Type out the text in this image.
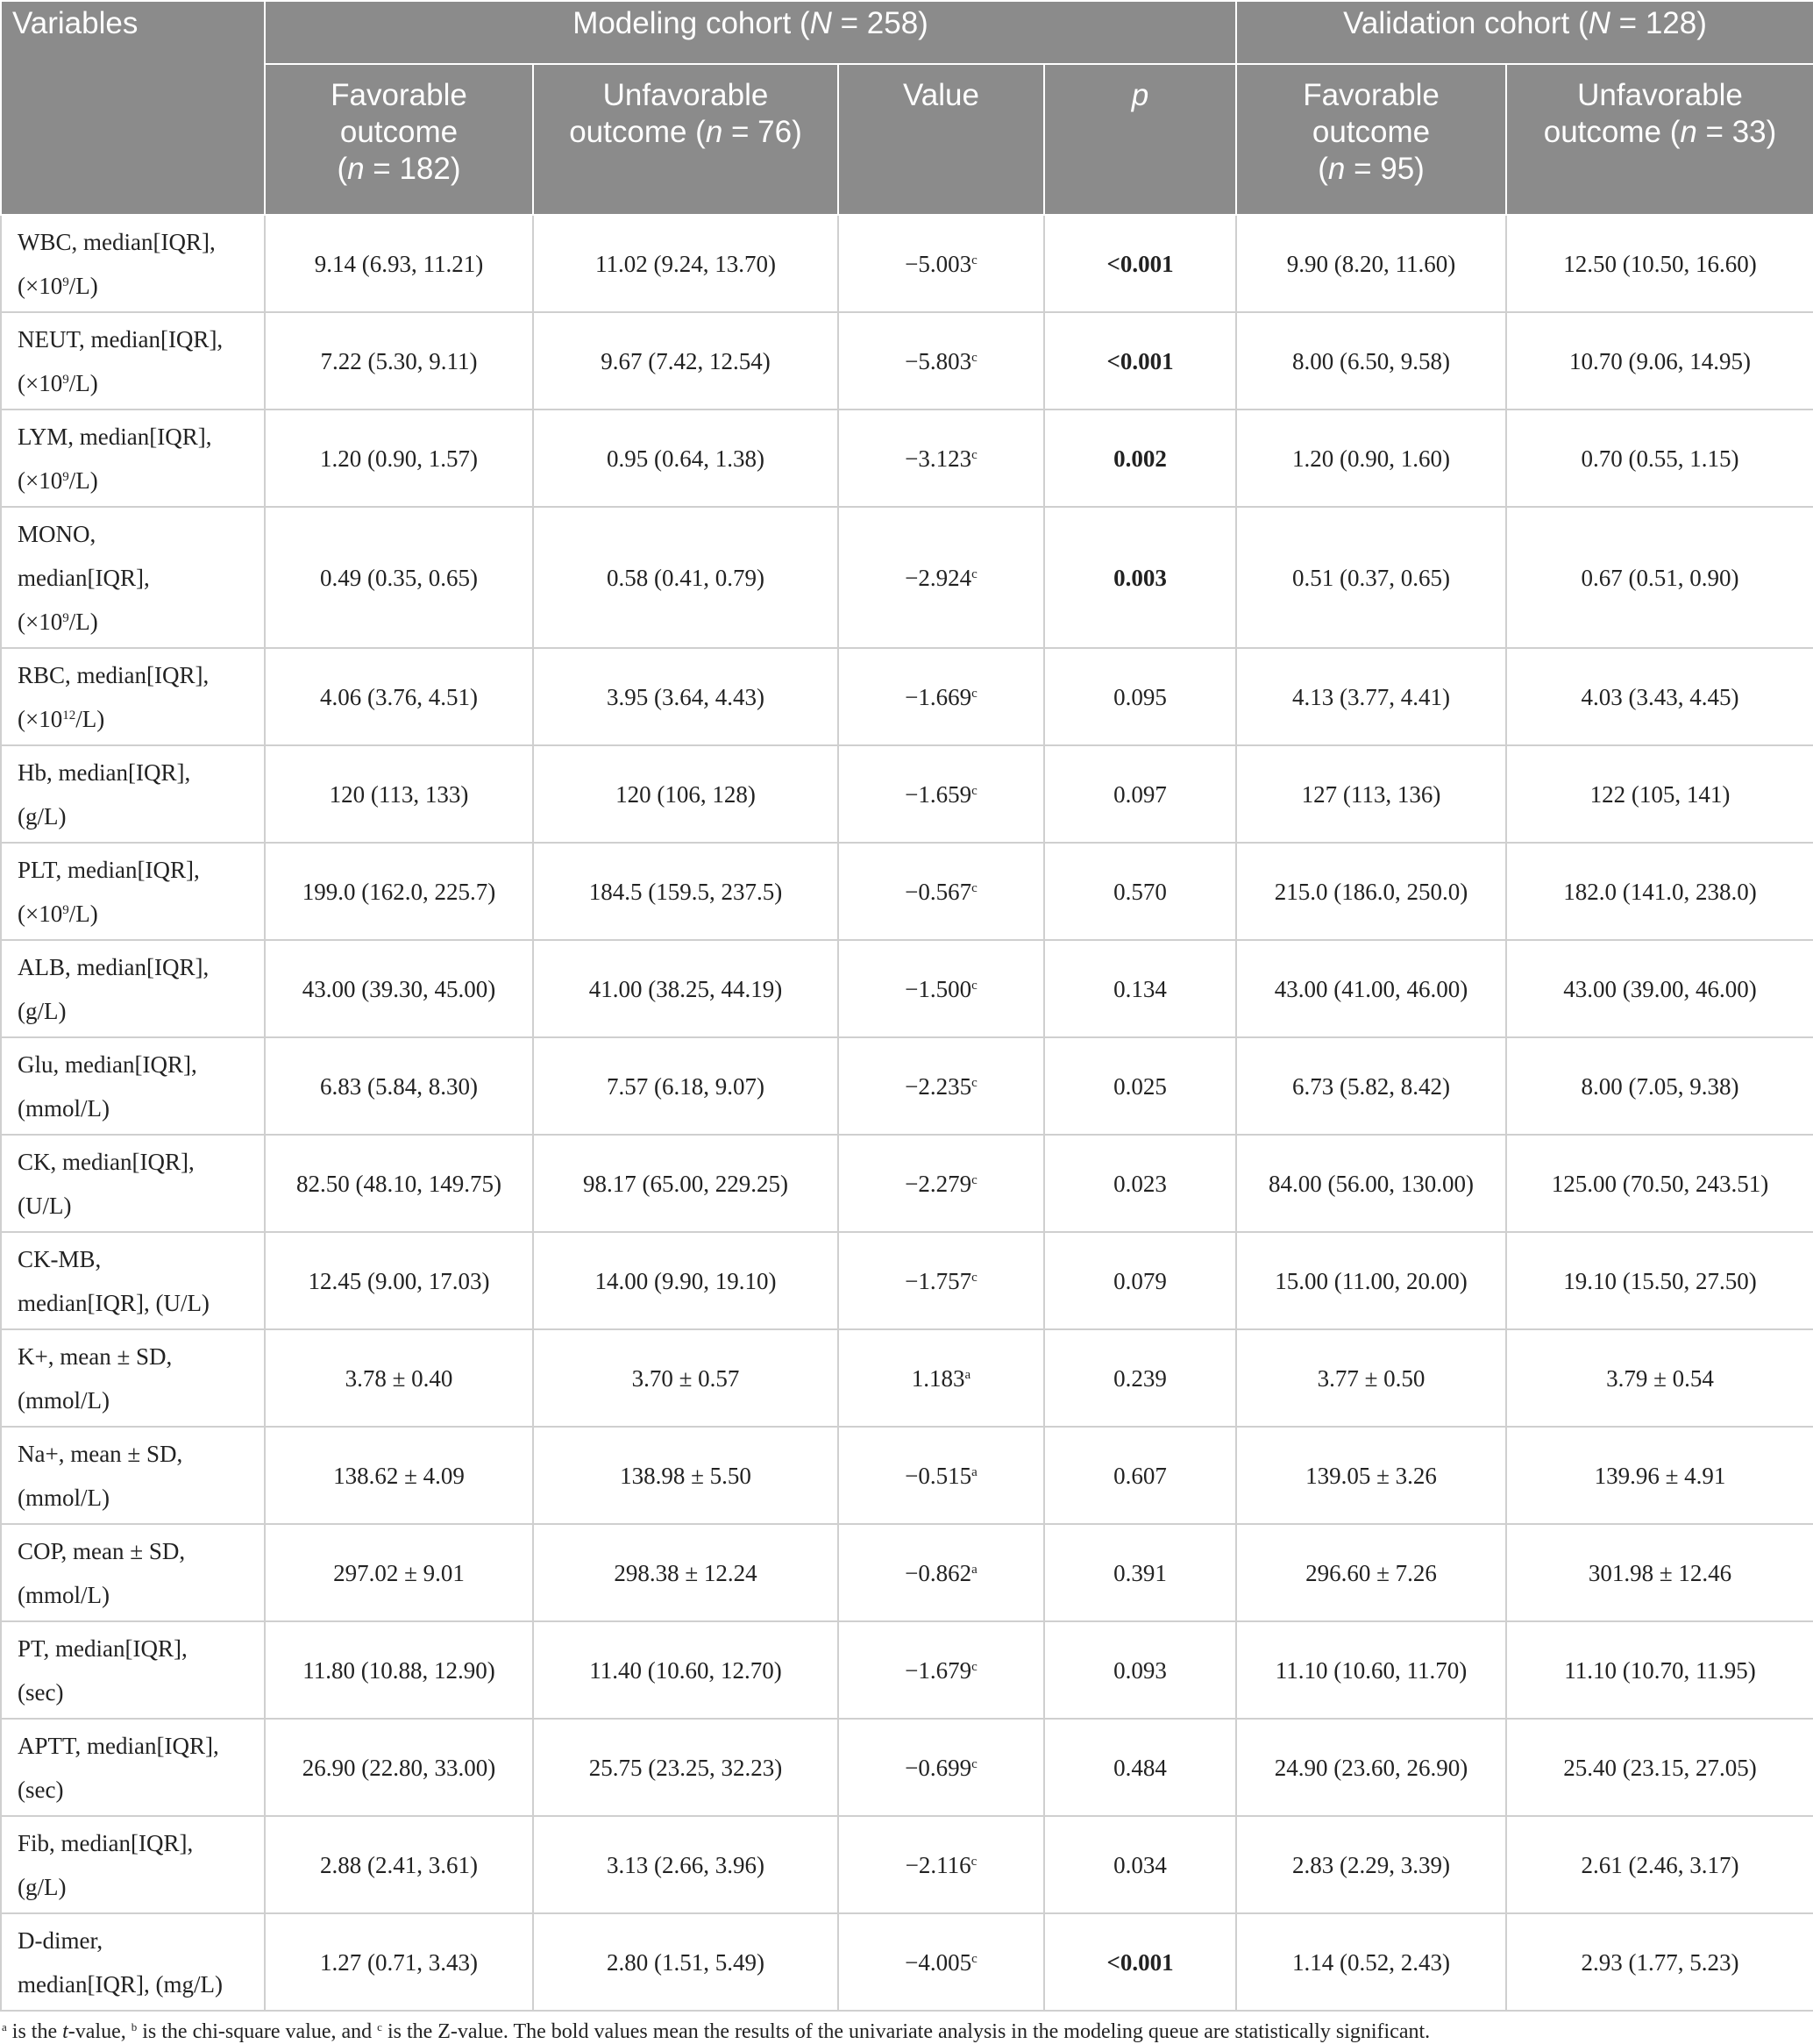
Variables	Modeling cohort (N = 258)				Validation cohort (N = 128)	
	Favorable
outcome
(n = 182)	Unfavorable
outcome (n = 76)	Value	p	Favorable
outcome
(n = 95)	Unfavorable
outcome (n = 33)
WBC, median[IQR],
$(\times 10^9/L)$	9.14 (6.93, 11.21)	11.02 (9.24, 13.70)	−5.003$^c$	<0.001	9.90 (8.20, 11.60)	12.50 (10.50, 16.60)
NEUT, median[IQR],
$(\times 10^9/L)$	7.22 (5.30, 9.11)	9.67 (7.42, 12.54)	−5.803$^c$	<0.001	8.00 (6.50, 9.58)	10.70 (9.06, 14.95)
LYM, median[IQR],
$(\times 10^9/L)$	1.20 (0.90, 1.57)	0.95 (0.64, 1.38)	−3.123$^c$	0.002	1.20 (0.90, 1.60)	0.70 (0.55, 1.15)
MONO,
median[IQR],
$(\times 10^9/L)$	0.49 (0.35, 0.65)	0.58 (0.41, 0.79)	−2.924$^c$	0.003	0.51 (0.37, 0.65)	0.67 (0.51, 0.90)
RBC, median[IQR],
$(\times 10^{12}/L)$	4.06 (3.76, 4.51)	3.95 (3.64, 4.43)	−1.669$^c$	0.095	4.13 (3.77, 4.41)	4.03 (3.43, 4.45)
Hb, median[IQR],
(g/L)	120 (113, 133)	120 (106, 128)	−1.659$^c$	0.097	127 (113, 136)	122 (105, 141)
PLT, median[IQR],
$(\times 10^9/L)$	199.0 (162.0, 225.7)	184.5 (159.5, 237.5)	−0.567$^c$	0.570	215.0 (186.0, 250.0)	182.0 (141.0, 238.0)
ALB, median[IQR],
(g/L)	43.00 (39.30, 45.00)	41.00 (38.25, 44.19)	−1.500$^c$	0.134	43.00 (41.00, 46.00)	43.00 (39.00, 46.00)
Glu, median[IQR],
(mmol/L)	6.83 (5.84, 8.30)	7.57 (6.18, 9.07)	−2.235$^c$	0.025	6.73 (5.82, 8.42)	8.00 (7.05, 9.38)
CK, median[IQR],
(U/L)	82.50 (48.10, 149.75)	98.17 (65.00, 229.25)	−2.279$^c$	0.023	84.00 (56.00, 130.00)	125.00 (70.50, 243.51)
CK-MB,
median[IQR], (U/L)	12.45 (9.00, 17.03)	14.00 (9.90, 19.10)	−1.757$^c$	0.079	15.00 (11.00, 20.00)	19.10 (15.50, 27.50)
K+, mean ± SD,
(mmol/L)	3.78 ± 0.40	3.70 ± 0.57	1.183$^a$	0.239	3.77 ± 0.50	3.79 ± 0.54
Na+, mean ± SD,
(mmol/L)	138.62 ± 4.09	138.98 ± 5.50	−0.515$^a$	0.607	139.05 ± 3.26	139.96 ± 4.91
COP, mean ± SD,
(mmol/L)	297.02 ± 9.01	298.38 ± 12.24	−0.862$^a$	0.391	296.60 ± 7.26	301.98 ± 12.46
PT, median[IQR],
(sec)	11.80 (10.88, 12.90)	11.40 (10.60, 12.70)	−1.679$^c$	0.093	11.10 (10.60, 11.70)	11.10 (10.70, 11.95)
APTT, median[IQR],
(sec)	26.90 (22.80, 33.00)	25.75 (23.25, 32.23)	−0.699$^c$	0.484	24.90 (23.60, 26.90)	25.40 (23.15, 27.05)
Fib, median[IQR],
(g/L)	2.88 (2.41, 3.61)	3.13 (2.66, 3.96)	−2.116$^c$	0.034	2.83 (2.29, 3.39)	2.61 (2.46, 3.17)
D-dimer,
median[IQR], (mg/L)	1.27 (0.71, 3.43)	2.80 (1.51, 5.49)	−4.005$^c$	<0.001	1.14 (0.52, 2.43)	2.93 (1.77, 5.23)
$^a$ is the t-value, $^b$ is the chi-square value, and $^c$ is the Z-value. The bold values mean the results of the univariate analysis in the modeling queue are statistically significant.
